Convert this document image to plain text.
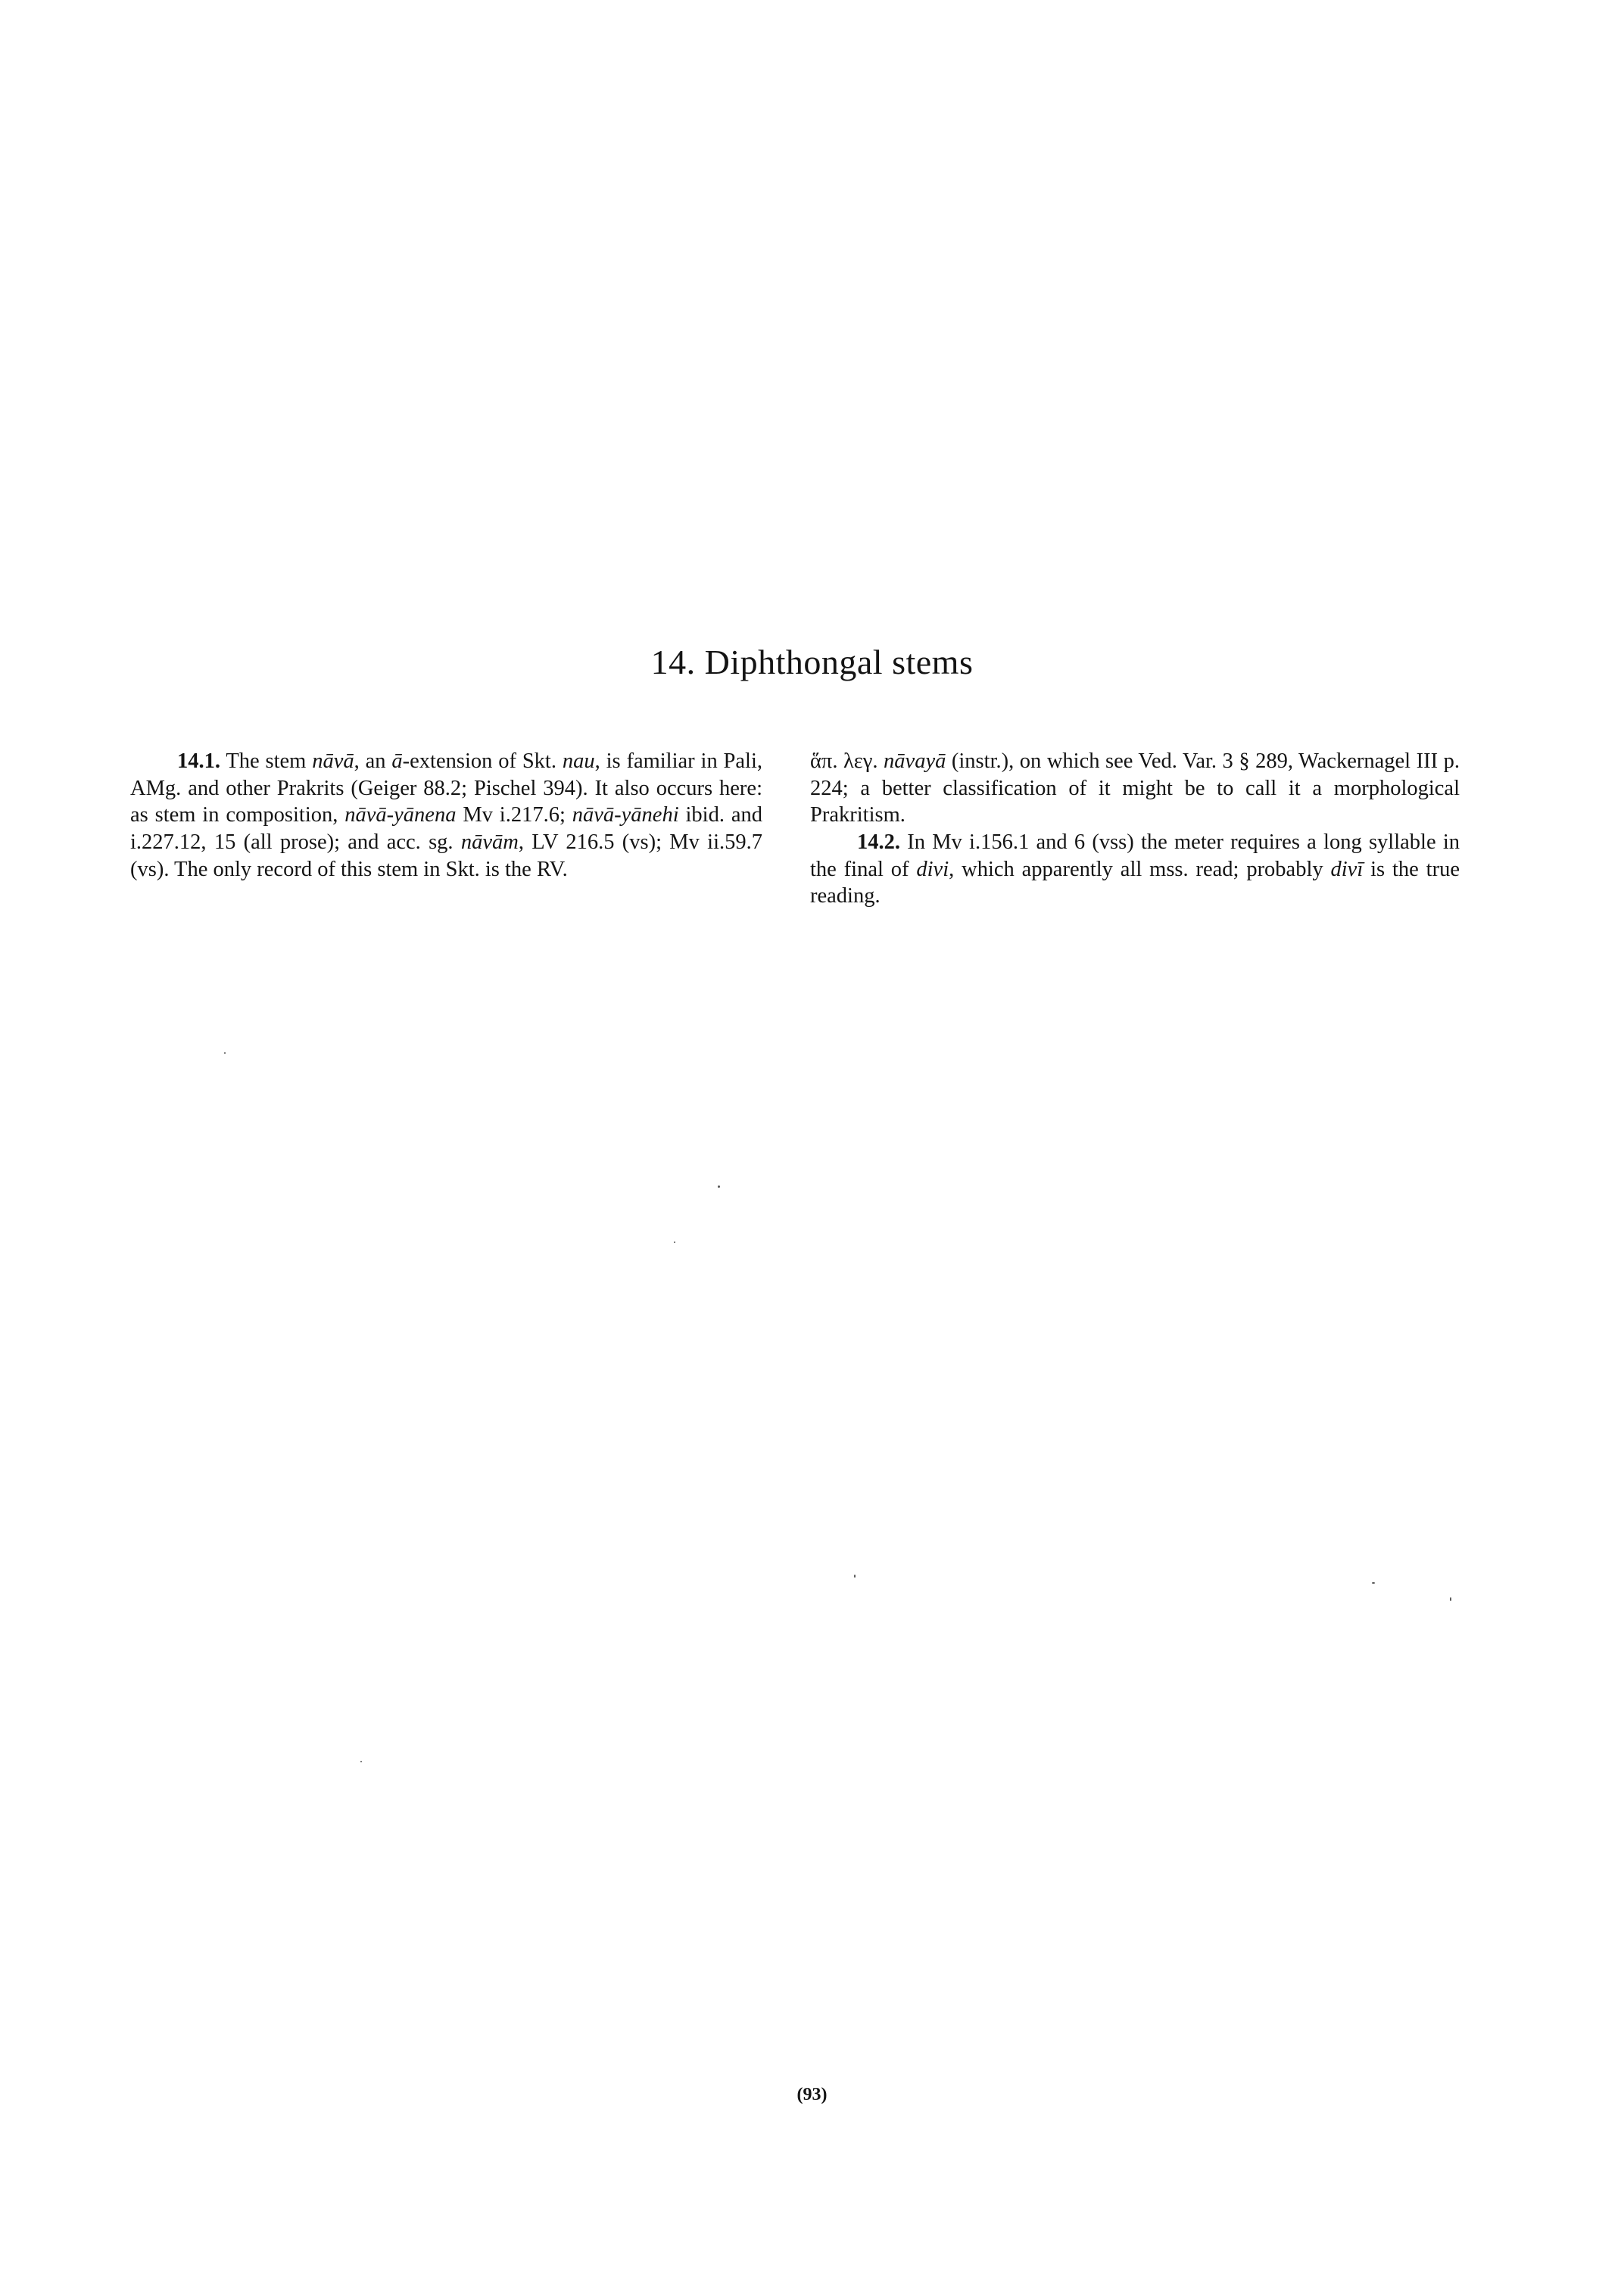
14. Diphthongal stems

14.1. The stem nāvā, an ā-extension of Skt. nau, is familiar in Pali, AMg. and other Prakrits (Geiger 88.2; Pischel 394). It also occurs here: as stem in composition, nāvā-yānena Mv i.217.6; nāvā-yānehi ibid. and i.227.12, 15 (all prose); and acc. sg. nāvām, LV 216.5 (vs); Mv ii.59.7 (vs). The only record of this stem in Skt. is the RV.

ἅπ. λεγ. nāvayā (instr.), on which see Ved. Var. 3 § 289, Wackernagel III p. 224; a better classification of it might be to call it a morphological Prakritism.

14.2. In Mv i.156.1 and 6 (vss) the meter requires a long syllable in the final of divi, which apparently all mss. read; probably divī is the true reading.

(93)
